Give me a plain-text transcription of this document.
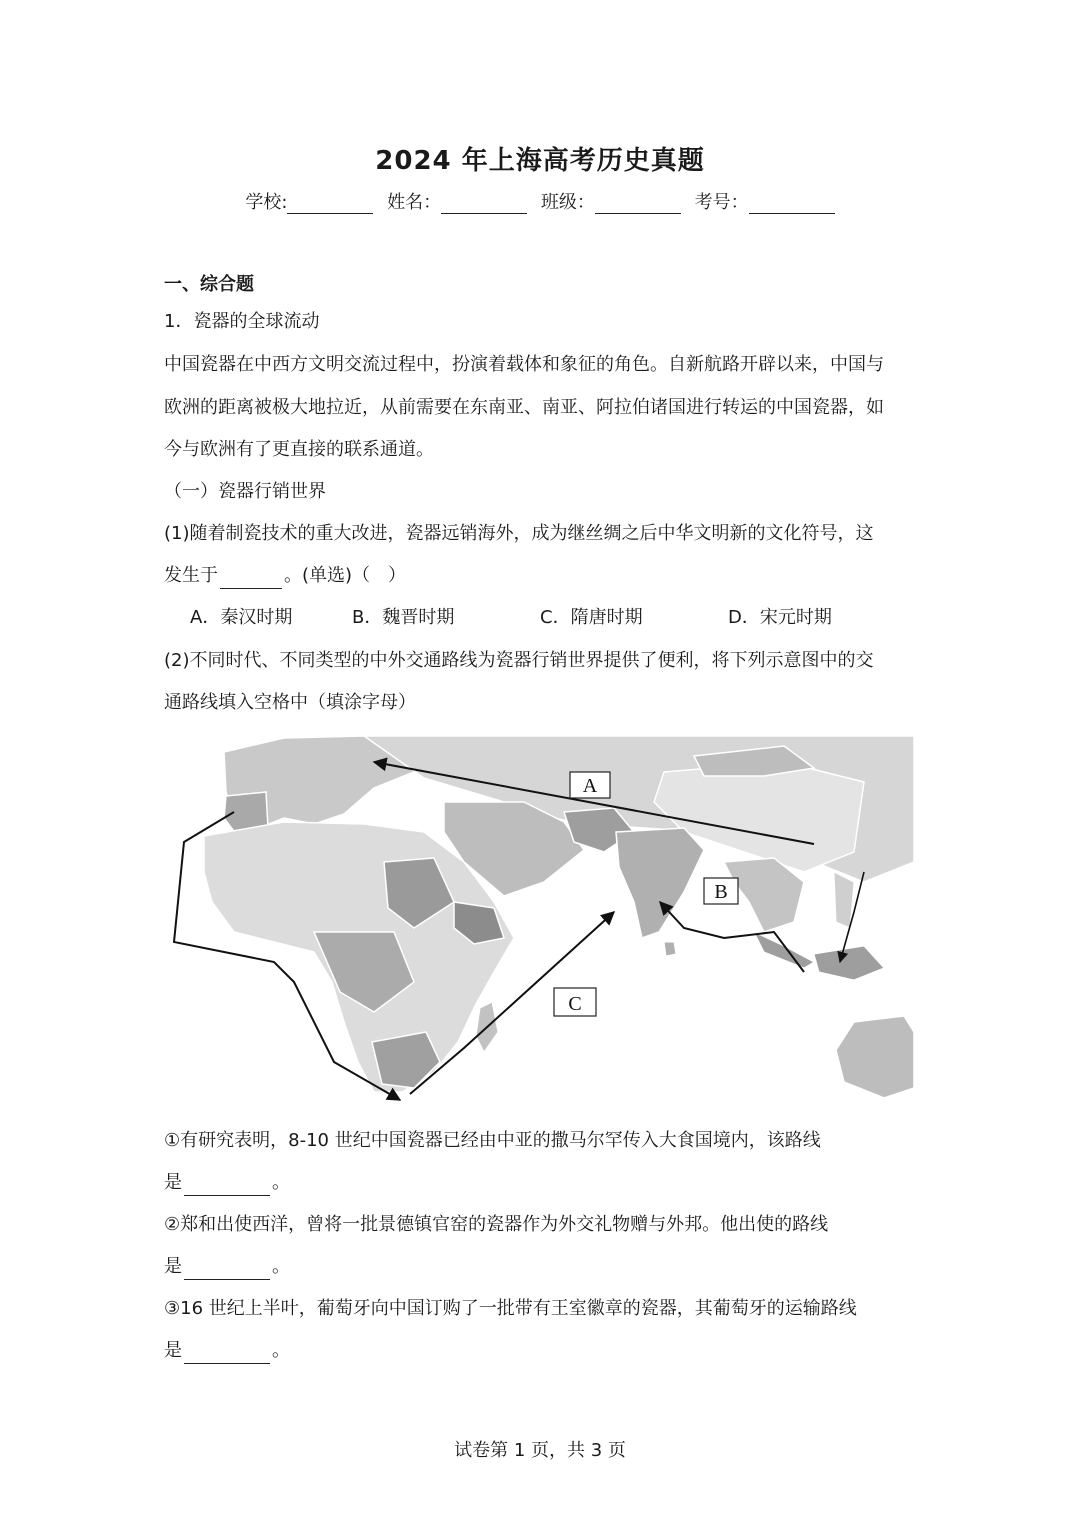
2024 年上海高考历史真题
学校:	姓名：	班级：	考号：
一、综合题
1．瓷器的全球流动
中国瓷器在中西方文明交流过程中，扮演着载体和象征的角色。自新航路开辟以来，中国与
欧洲的距离被极大地拉近，从前需要在东南亚、南亚、阿拉伯诸国进行转运的中国瓷器，如
今与欧洲有了更直接的联系通道。
（一）瓷器行销世界
(1)随着制瓷技术的重大改进，瓷器远销海外，成为继丝绸之后中华文明新的文化符号，这
发生于	。(单选)（　）
A．秦汉时期	B．魏晋时期	C．隋唐时期	D．宋元时期
(2)不同时代、不同类型的中外交通路线为瓷器行销世界提供了便利，将下列示意图中的交
通路线填入空格中（填涂字母）
A
B
C
①有研究表明，8-10 世纪中国瓷器已经由中亚的撒马尔罕传入大食国境内，该路线
是	。
②郑和出使西洋，曾将一批景德镇官窑的瓷器作为外交礼物赠与外邦。他出使的路线
是	。
③16 世纪上半叶，葡萄牙向中国订购了一批带有王室徽章的瓷器，其葡萄牙的运输路线
是	。
试卷第 1 页，共 3 页
